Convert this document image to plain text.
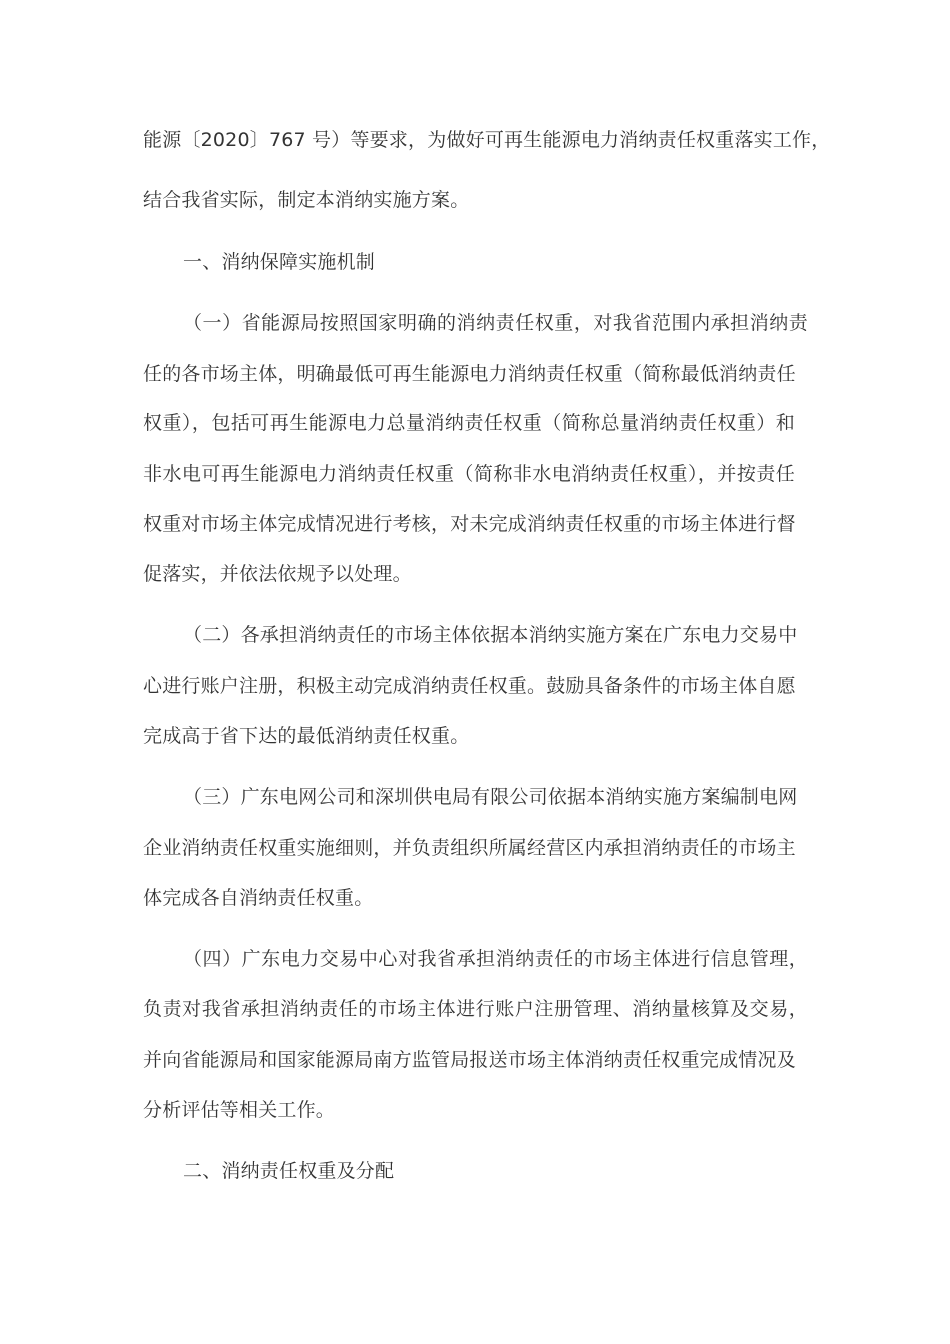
能源〔2020〕767 号）等要求，为做好可再生能源电力消纳责任权重落实工作，
结合我省实际，制定本消纳实施方案。
一、消纳保障实施机制
（一）省能源局按照国家明确的消纳责任权重，对我省范围内承担消纳责
任的各市场主体，明确最低可再生能源电力消纳责任权重（简称最低消纳责任
权重），包括可再生能源电力总量消纳责任权重（简称总量消纳责任权重）和
非水电可再生能源电力消纳责任权重（简称非水电消纳责任权重），并按责任
权重对市场主体完成情况进行考核，对未完成消纳责任权重的市场主体进行督
促落实，并依法依规予以处理。
（二）各承担消纳责任的市场主体依据本消纳实施方案在广东电力交易中
心进行账户注册，积极主动完成消纳责任权重。鼓励具备条件的市场主体自愿
完成高于省下达的最低消纳责任权重。
（三）广东电网公司和深圳供电局有限公司依据本消纳实施方案编制电网
企业消纳责任权重实施细则，并负责组织所属经营区内承担消纳责任的市场主
体完成各自消纳责任权重。
（四）广东电力交易中心对我省承担消纳责任的市场主体进行信息管理，
负责对我省承担消纳责任的市场主体进行账户注册管理、消纳量核算及交易，
并向省能源局和国家能源局南方监管局报送市场主体消纳责任权重完成情况及
分析评估等相关工作。
二、消纳责任权重及分配
